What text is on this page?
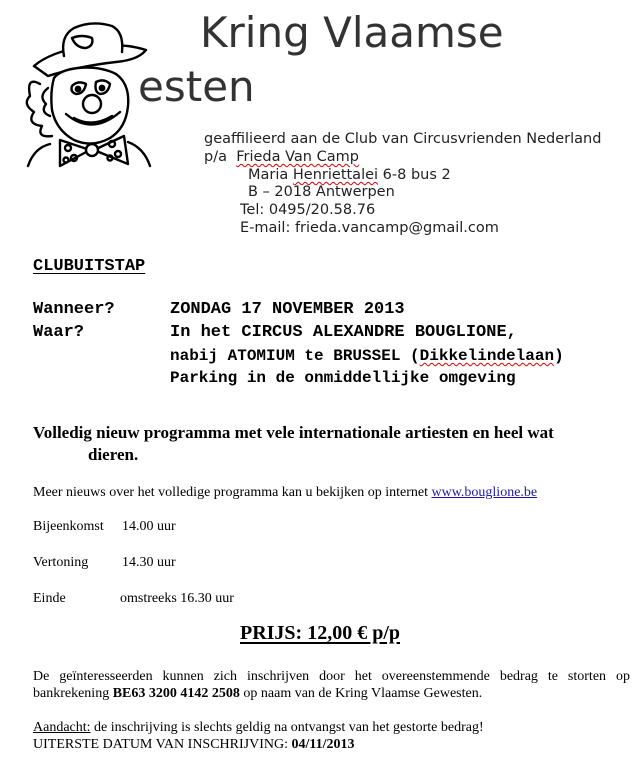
Kring Vlaamse
esten
geaffilieerd aan de Club van Circusvrienden Nederland
p/a Frieda Van Camp
Maria Henriettalei 6-8 bus 2
B – 2018 Antwerpen
Tel: 0495/20.58.76
E-mail: frieda.vancamp@gmail.com
CLUBUITSTAP
Wanneer?	ZONDAG 17 NOVEMBER 2013
Waar?	In het CIRCUS ALEXANDRE BOUGLIONE,
nabij ATOMIUM te BRUSSEL (Dikkelindelaan)
Parking in de onmiddellijke omgeving
Volledig nieuw programma met vele internationale artiesten en heel wat
dieren.
Meer nieuws over het volledige programma kan u bekijken op internet www.bouglione.be
Bijeenkomst 14.00 uur
Vertoning 14.30 uur
Einde	omstreeks 16.30 uur
PRIJS: 12,00 € p/p
De geïnteresseerden kunnen zich inschrijven door het overeenstemmende bedrag te storten op bankrekening BE63 3200 4142 2508 op naam van de Kring Vlaamse Gewesten.
Aandacht: de inschrijving is slechts geldig na ontvangst van het gestorte bedrag!
UITERSTE DATUM VAN INSCHRIJVING: 04/11/2013
